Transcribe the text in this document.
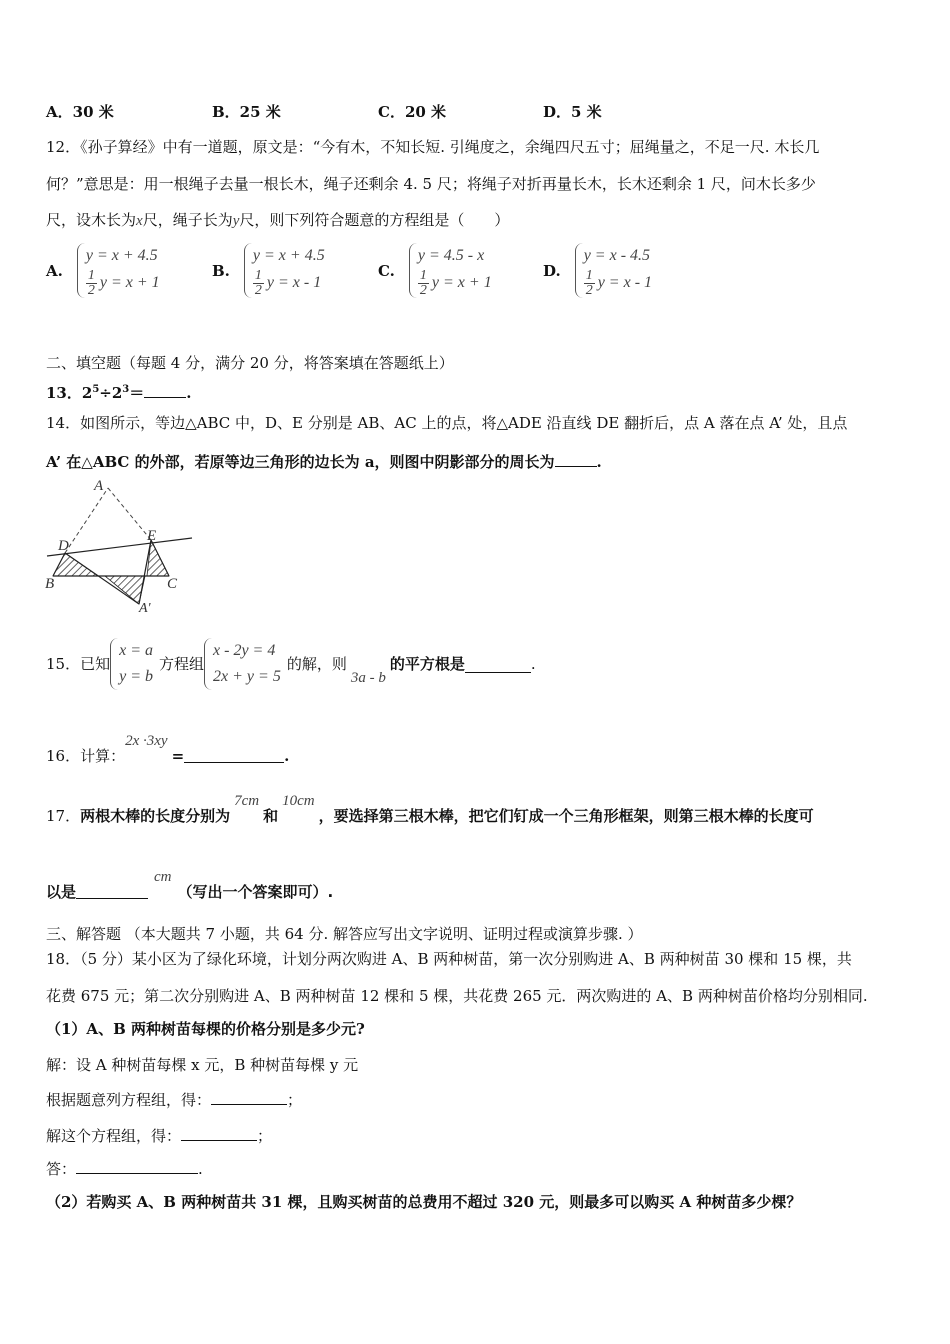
A．30 米	B．25 米	C．20 米	D．5 米
12．《孙子算经》中有一道题，原文是：“今有木，不知长短. 引绳度之，余绳四尺五寸；屈绳量之，不足一尺. 木长几
何？”意思是：用一根绳子去量一根长木，绳子还剩余 4. 5 尺；将绳子对折再量长木，长木还剩余 1 尺，问木长多少
尺，设木长为x尺，绳子长为y尺，则下列符合题意的方程组是（　　）
A.
y = x + 4.5
$\frac{1}{2}$ y = x + 1
B.
y = x + 4.5
$\frac{1}{2}$ y = x - 1
C.
y = 4.5 - x
$\frac{1}{2}$ y = x + 1
D.
y = x - 4.5
$\frac{1}{2}$ y = x - 1
二、填空题（每题 4 分，满分 20 分，将答案填在答题纸上）
13．$2^5\div 2^3=$	.
14．如图所示，等边△ABC 中，D、E 分别是 AB、AC 上的点，将△ADE 沿直线 DE 翻折后，点 A 落在点 A’ 处，且点
A’ 在△ABC 的外部，若原等边三角形的边长为 a，则图中阴影部分的周长为	.
A
D
E
B	C
A'
15．已知
x = a
y = b
方程组
x - 2y = 4
2x + y = 5
的解，则3a - b的平方根是	.
16．计算：2x ·3xy=	.
17．两根木棒的长度分别为7cm和10cm，要选择第三根木棒，把它们钉成一个三角形框架，则第三根木棒的长度可
以是cm（写出一个答案即可）.
三、解答题 （本大题共 7 小题，共 64 分. 解答应写出文字说明、证明过程或演算步骤. ）
18．（5 分）某小区为了绿化环境，计划分两次购进 A、B 两种树苗，第一次分别购进 A、B 两种树苗 30 棵和 15 棵，共
花费 675 元；第二次分别购进 A、B 两种树苗 12 棵和 5 棵，共花费 265 元．两次购进的 A、B 两种树苗价格均分别相同.
（1）A、B 两种树苗每棵的价格分别是多少元?
解：设 A 种树苗每棵 x 元，B 种树苗每棵 y 元
根据题意列方程组，得：	；
解这个方程组，得：	；
答：	.
（2）若购买 A、B 两种树苗共 31 棵，且购买树苗的总费用不超过 320 元，则最多可以购买 A 种树苗多少棵？
